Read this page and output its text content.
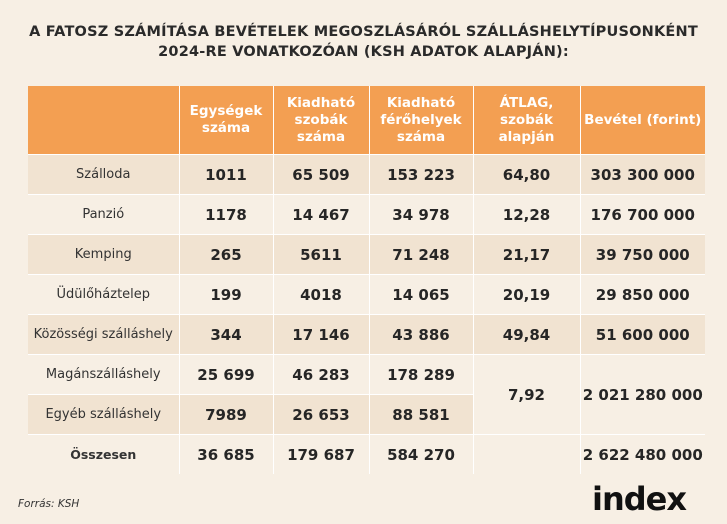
A FATOSZ SZÁMÍTÁSA BEVÉTELEK MEGOSZLÁSÁRÓL SZÁLLÁSHELYTÍPUSONKÉNT
2024-RE VONATKOZÓAN (KSH ADATOK ALAPJÁN):
	Egységek száma	Kiadható szobák száma	Kiadható férőhelyek száma	ÁTLAG, szobák alapján	Bevétel (forint)
Szálloda	1011	65 509	153 223	64,80	303 300 000
Panzió	1178	14 467	34 978	12,28	176 700 000
Kemping	265	5611	71 248	21,17	39 750 000
Üdülőháztelep	199	4018	14 065	20,19	29 850 000
Közösségi szálláshely	344	17 146	43 886	49,84	51 600 000
Magánszálláshely	25 699	46 283	178 289	7,92	2 021 280 000
Egyéb szálláshely	7989	26 653	88 581		
Összesen	36 685	179 687	584 270		2 622 480 000
Forrás: KSH	index
